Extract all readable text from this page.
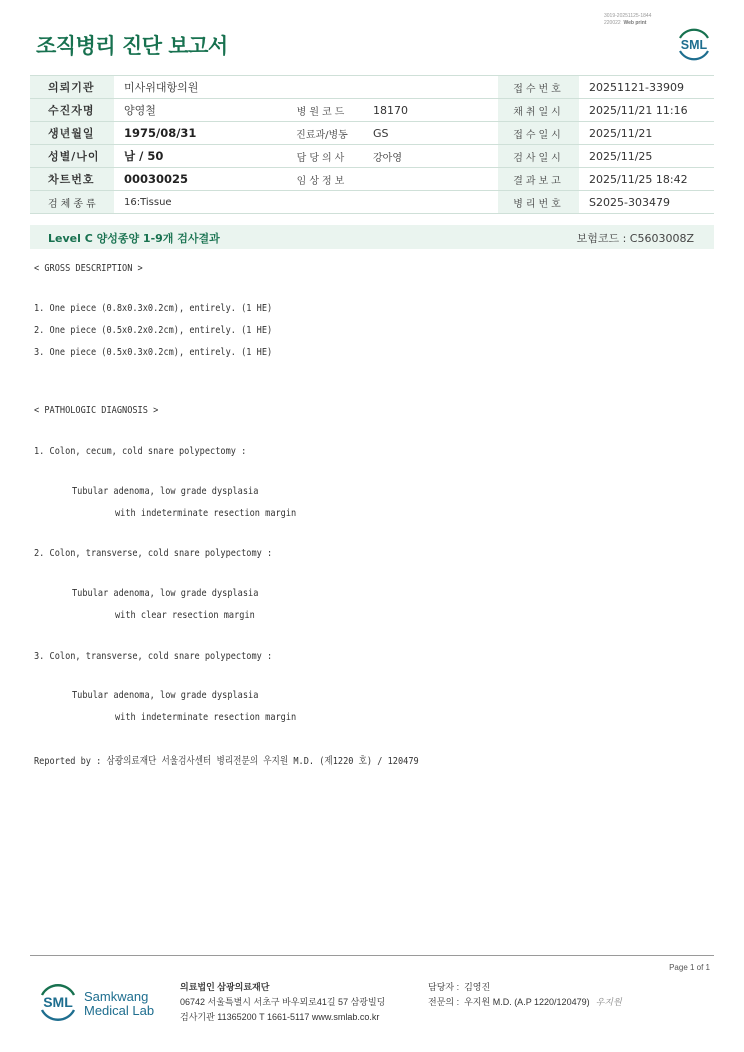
3019-20251125-1844
220022 Web print
조직병리 진단 보고서	SML
의뢰기관	미사위대항의원			접수번호	20251121-33909
수진자명	양영철	병원코드	18170	채취일시	2025/11/21 11:16
생년월일	1975/08/31	진료과/병동	GS	접수일시	2025/11/21
성별/나이	남 / 50	담당의사	강아영	검사일시	2025/11/25
차트번호	00030025	임상정보		결과보고	2025/11/25 18:42
검체종류	16:Tissue			병리번호	S2025-303479
Level C 양성종양 1-9개 검사결과	보험코드 : C5603008Z
< GROSS DESCRIPTION >
1. One piece (0.8x0.3x0.2cm), entirely. (1 HE)
2. One piece (0.5x0.2x0.2cm), entirely. (1 HE)
3. One piece (0.5x0.3x0.2cm), entirely. (1 HE)
< PATHOLOGIC DIAGNOSIS >
1. Colon, cecum, cold snare polypectomy :
Tubular adenoma, low grade dysplasia
with indeterminate resection margin
2. Colon, transverse, cold snare polypectomy :
Tubular adenoma, low grade dysplasia
with clear resection margin
3. Colon, transverse, cold snare polypectomy :
Tubular adenoma, low grade dysplasia
with indeterminate resection margin
Reported by : 삼광의료재단 서울검사센터 병리전문의 우지원 M.D. (제1220 호) / 120479
Page 1 of 1
SML Samkwang
Medical Lab
의료법인 삼광의료재단
06742 서울특별시 서초구 바우뫼로41길 57 삼광빌딩
검사기관 11365200 T 1661-5117 www.smlab.co.kr
담당자 : 김영진
전문의 : 우지원 M.D. (A.P 1220/120479) 우지원
